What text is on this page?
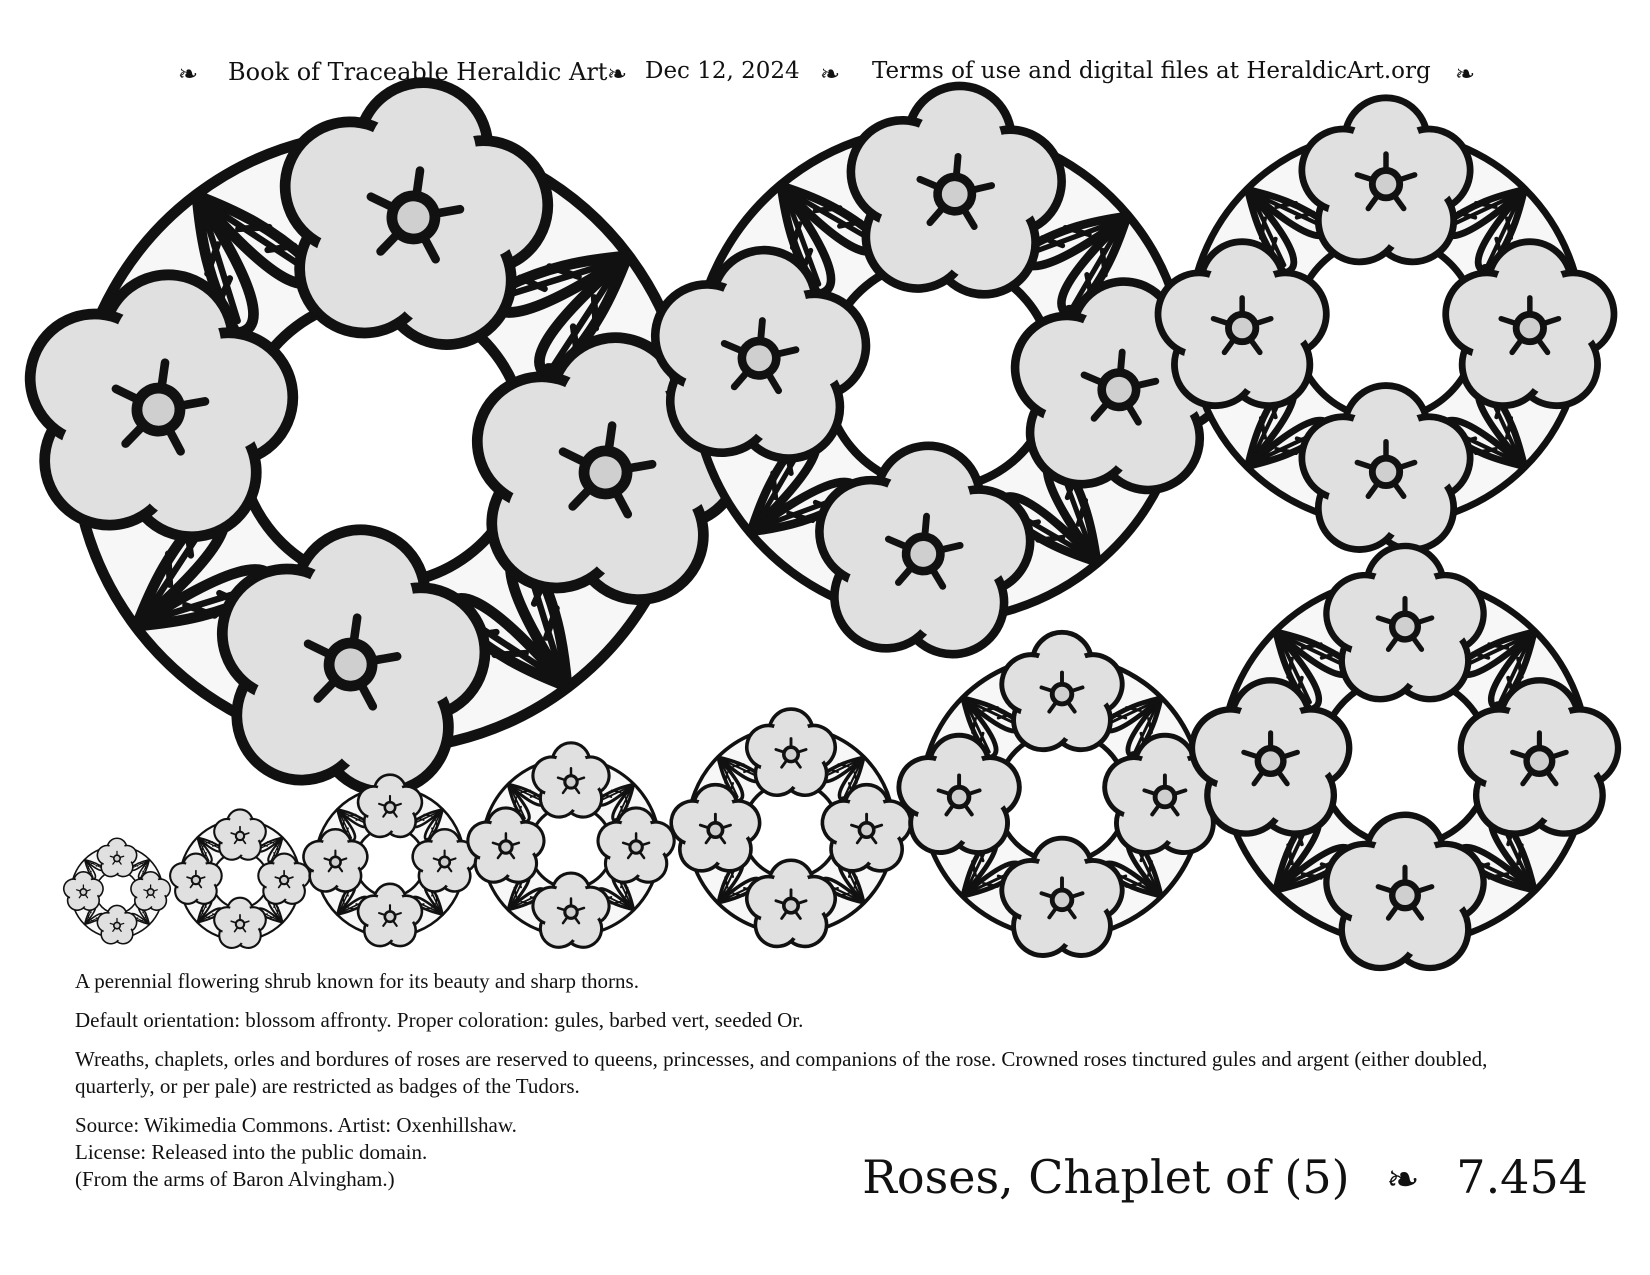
❧ Book of Traceable Heraldic Art ❧ Dec 12, 2024 ❧ Terms of use and digital files at HeraldicArt.org ❧

A perennial flowering shrub known for its beauty and sharp thorns.

Default orientation: blossom affronty. Proper coloration: gules, barbed vert, seeded Or.

Wreaths, chaplets, orles and bordures of roses are reserved to queens, princesses, and companions of the rose. Crowned roses tinctured gules and argent (either doubled, quarterly, or per pale) are restricted as badges of the Tudors.

Source: Wikimedia Commons. Artist: Oxenhillshaw.

License: Released into the public domain.

(From the arms of Baron Alvingham.)	Roses, Chaplet of (5) ❧ 7.454
